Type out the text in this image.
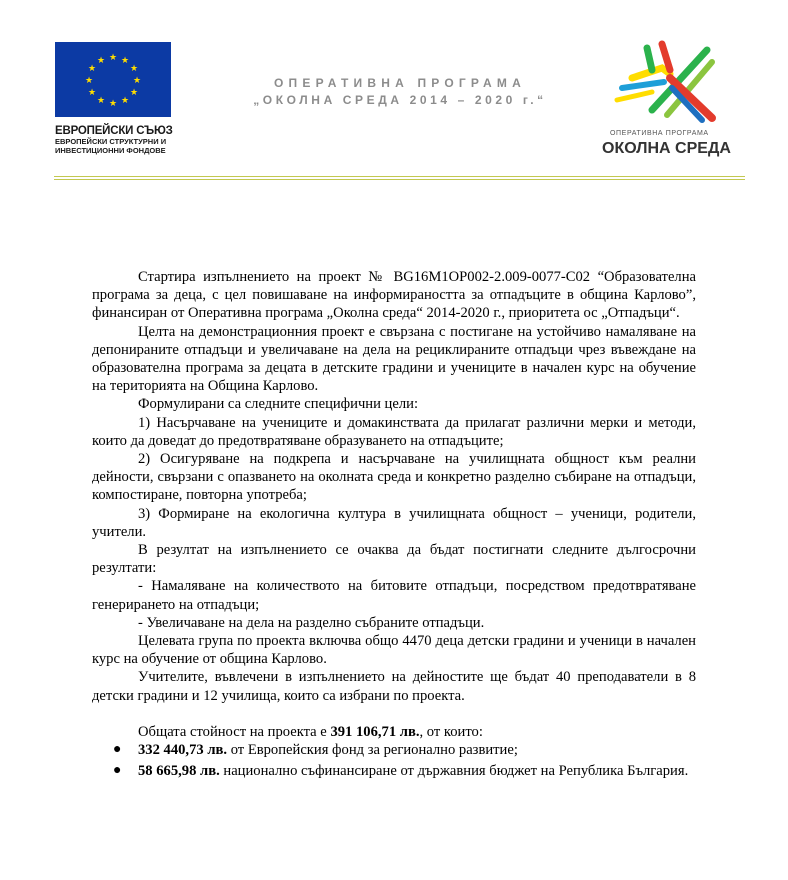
★ ★
★
★
★
★
★
★
★
★
★
★
ЕВРОПЕЙСКИ СЪЮЗ
ЕВРОПЕЙСКИ СТРУКТУРНИ И
ИНВЕСТИЦИОННИ ФОНДОВЕ
ОПЕРАТИВНА ПРОГРАМА
„ОКОЛНА СРЕДА 2014 – 2020 г.“
ОПЕРАТИВНА ПРОГРАМА
ОКОЛНА СРЕДА

Стартира изпълнението на проект № BG16M1OP002-2.009-0077-C02 “Образователна програма за деца, с цел повишаване на информираността за отпадъците в община Карлово”, финансиран от Оперативна програма „Околна среда“ 2014-2020 г., приоритета ос „Отпадъци“.

Целта на демонстрационния проект е свързана с постигане на устойчиво намаляване на депонираните отпадъци и увеличаване на дела на рециклираните отпадъци чрез въвеждане на образователна програма за децата в детските градини и учениците в начален курс на обучение на територията на Община Карлово.

Формулирани са следните специфични цели:

1) Насърчаване на учениците и домакинствата да прилагат различни мерки и методи, които да доведат до предотвратяване образуването на отпадъците;

2) Осигуряване на подкрепа и насърчаване на училищната общност към реални дейности, свързани с опазването на околната среда и конкретно разделно събиране на отпадъци, компостиране, повторна употреба;

3) Формиране на екологична култура в училищната общност – ученици, родители, учители.

В резултат на изпълнението се очаква да бъдат постигнати следните дългосрочни резултати:

- Намаляване на количеството на битовите отпадъци, посредством предотвратяване генерирането на отпадъци;

- Увеличаване на дела на разделно събраните отпадъци.

Целевата група по проекта включва общо 4470 деца детски градини и ученици в начален курс на обучение от община Карлово.

Учителите, въвлечени в изпълнението на дейностите ще бъдат 40 преподаватели в 8 детски градини и 12 училища, които са избрани по проекта.

Общата стойност на проекта е 391 106,71 лв., от които:

● 332 440,73 лв. от Европейския фонд за регионално развитие;
● 58 665,98 лв. национално съфинансиране от държавния бюджет на Република България.
